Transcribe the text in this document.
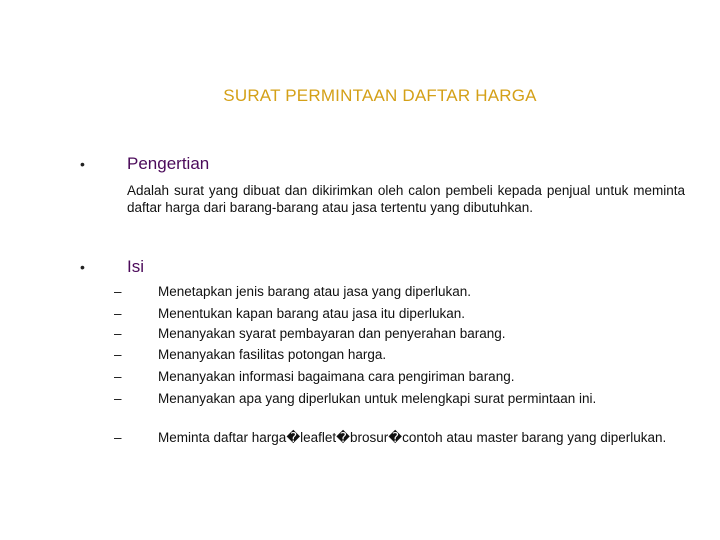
SURAT PERMINTAAN DAFTAR HARGA
• Pengertian
Adalah surat yang dibuat dan dikirimkan oleh calon pembeli kepada penjual untuk meminta daftar harga dari barang-barang atau jasa tertentu yang dibutuhkan.
• Isi
–	Menetapkan jenis barang atau jasa yang diperlukan.
–	Menentukan kapan barang atau jasa itu diperlukan.
–	Menanyakan syarat pembayaran dan penyerahan barang.
–	Menanyakan fasilitas potongan harga.
–	Menanyakan informasi bagaimana cara pengiriman barang.
–	Menanyakan apa yang diperlukan untuk melengkapi surat permintaan ini.
–	Meminta daftar harga�leaflet�brosur�contoh atau master barang yang diperlukan.
